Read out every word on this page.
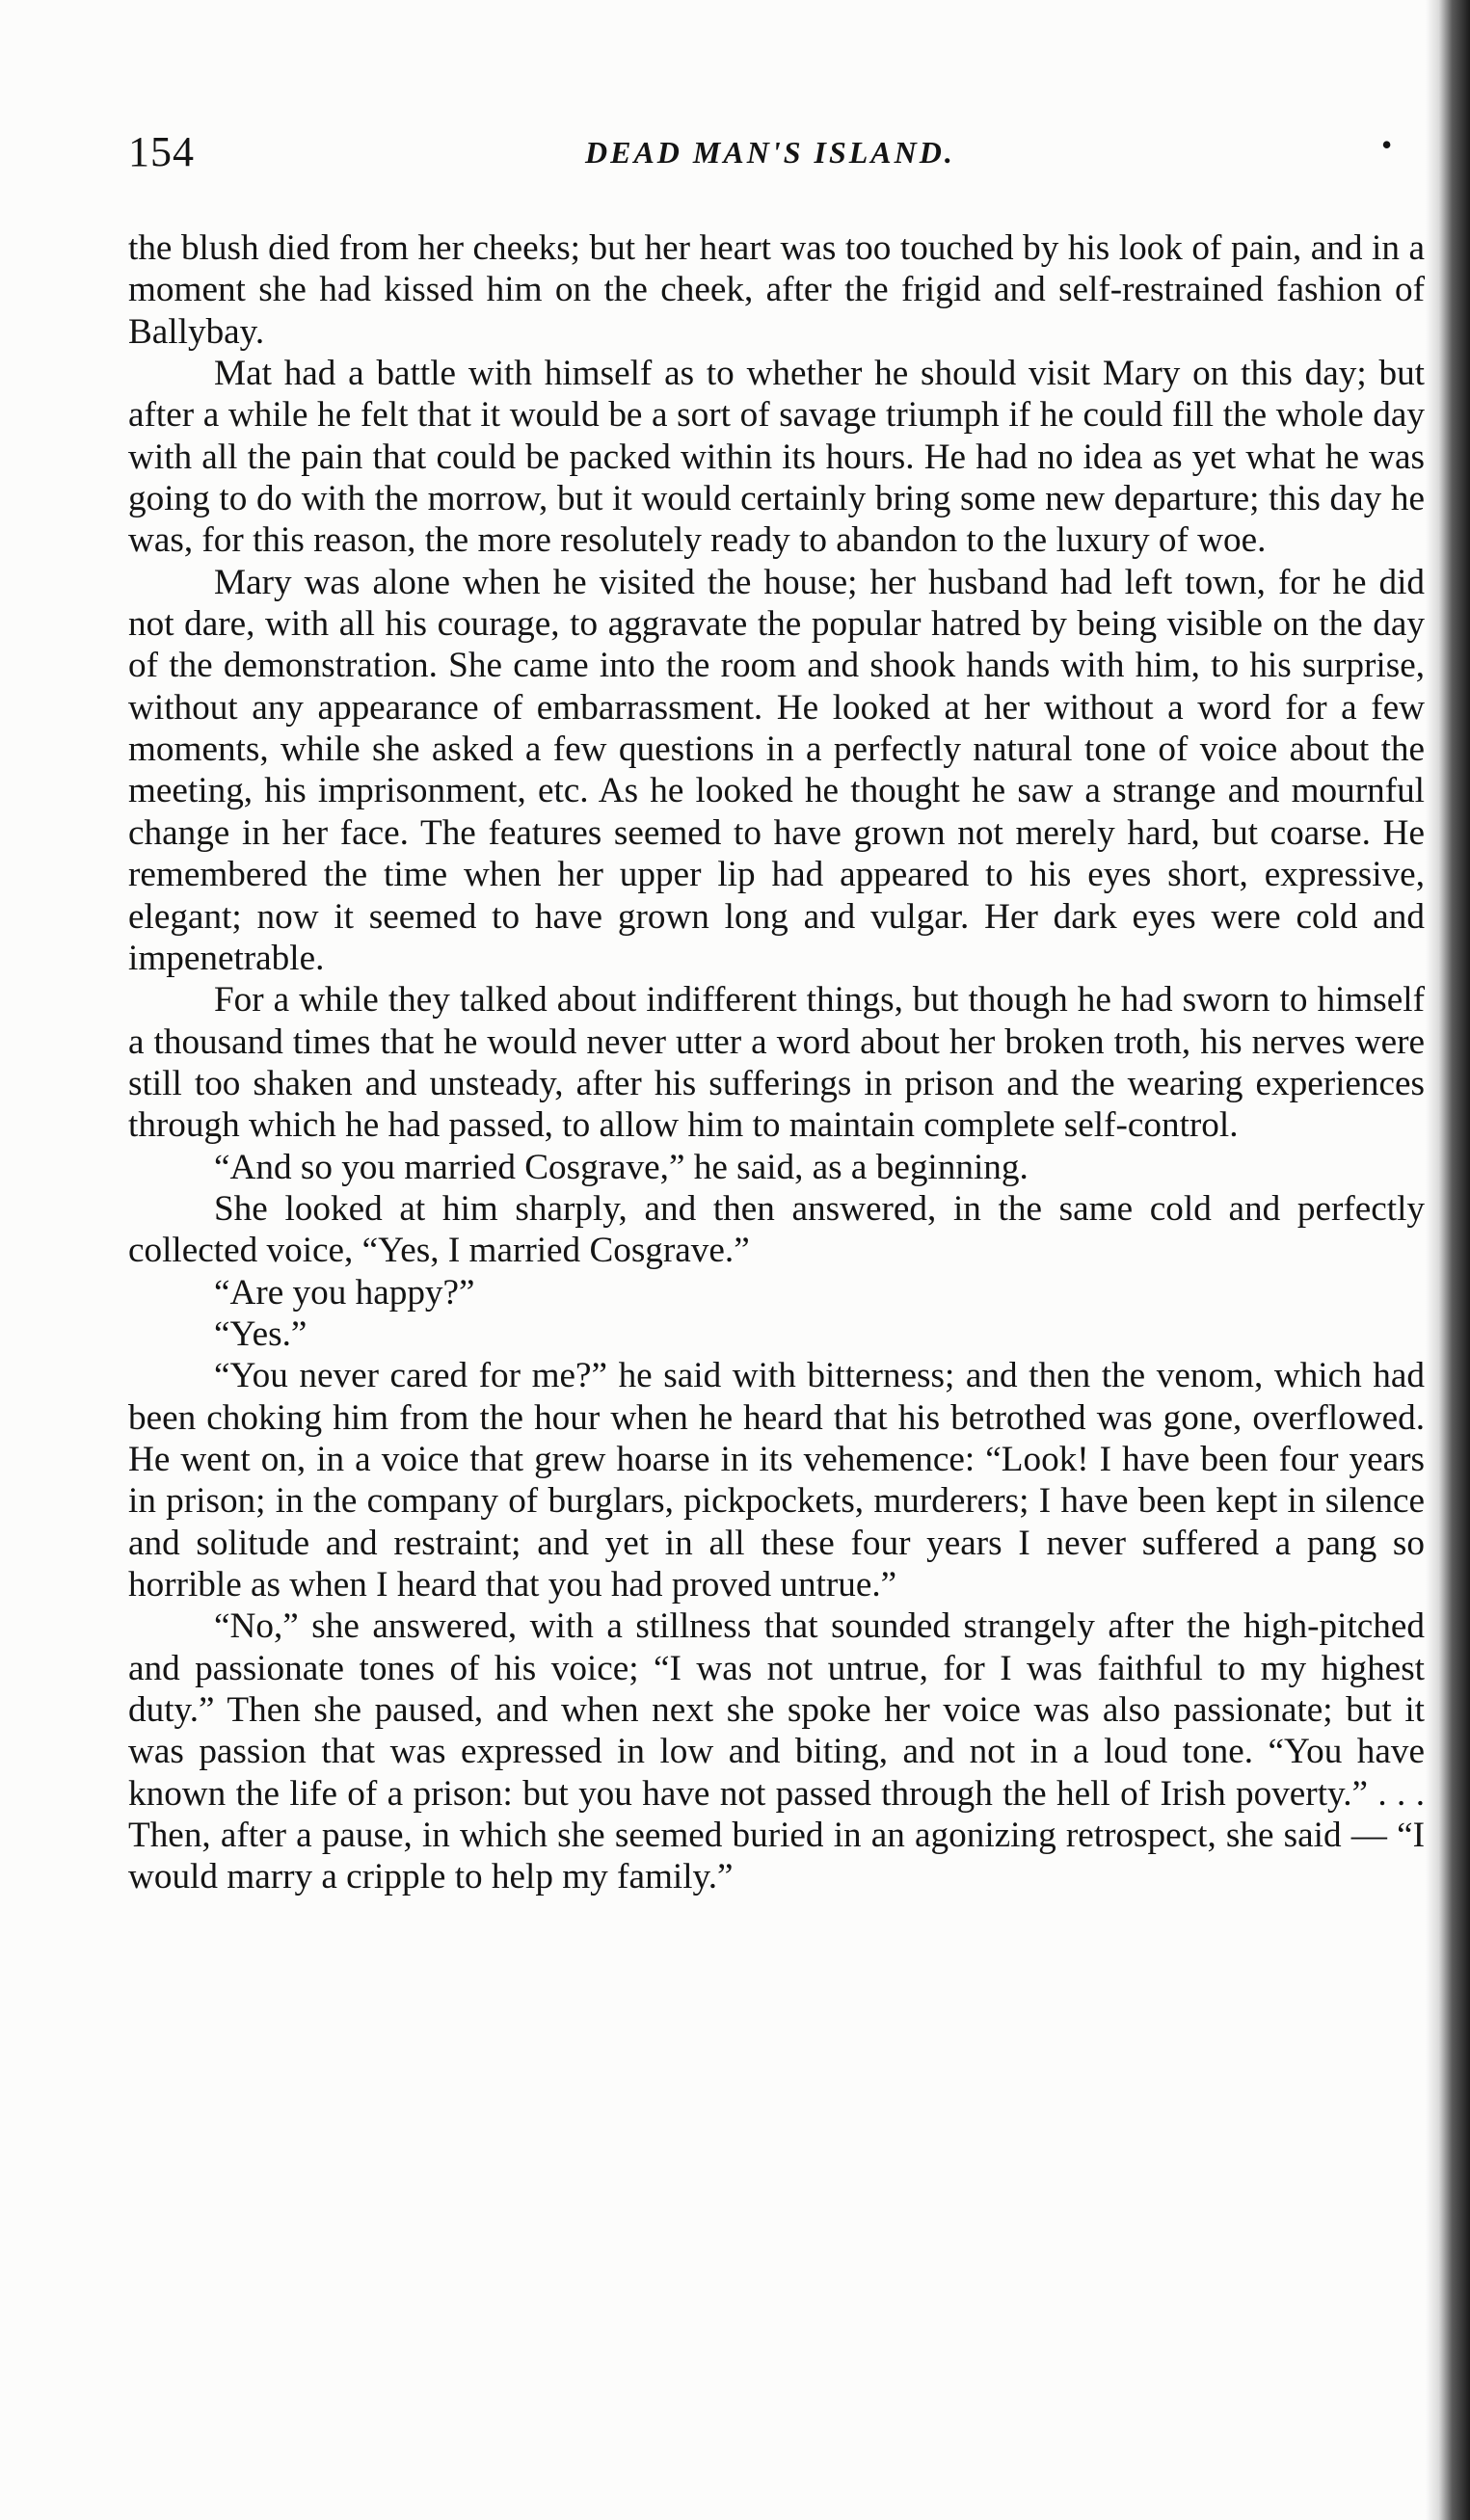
154	DEAD MAN'S ISLAND.	•

the blush died from her cheeks; but her heart was too touched by his look of pain, and in a moment she had kissed him on the cheek, after the frigid and self-restrained fashion of Ballybay.

Mat had a battle with himself as to whether he should visit Mary on this day; but after a while he felt that it would be a sort of savage triumph if he could fill the whole day with all the pain that could be packed within its hours. He had no idea as yet what he was going to do with the morrow, but it would certainly bring some new departure; this day he was, for this reason, the more resolutely ready to abandon to the luxury of woe.

Mary was alone when he visited the house; her husband had left town, for he did not dare, with all his courage, to aggravate the popular hatred by being visible on the day of the demonstration. She came into the room and shook hands with him, to his surprise, without any appearance of embarrassment. He looked at her without a word for a few moments, while she asked a few questions in a perfectly natural tone of voice about the meeting, his imprisonment, etc. As he looked he thought he saw a strange and mournful change in her face. The features seemed to have grown not merely hard, but coarse. He remembered the time when her upper lip had appeared to his eyes short, expressive, elegant; now it seemed to have grown long and vulgar. Her dark eyes were cold and impenetrable.

For a while they talked about indifferent things, but though he had sworn to himself a thousand times that he would never utter a word about her broken troth, his nerves were still too shaken and unsteady, after his sufferings in prison and the wearing experiences through which he had passed, to allow him to maintain complete self-control.

“And so you married Cosgrave,” he said, as a beginning.

She looked at him sharply, and then answered, in the same cold and perfectly collected voice, “Yes, I married Cosgrave.”

“Are you happy?”

“Yes.”

“You never cared for me?” he said with bitterness; and then the venom, which had been choking him from the hour when he heard that his betrothed was gone, overflowed. He went on, in a voice that grew hoarse in its vehemence: “Look! I have been four years in prison; in the company of burglars, pickpockets, murderers; I have been kept in silence and solitude and restraint; and yet in all these four years I never suffered a pang so horrible as when I heard that you had proved untrue.”

“No,” she answered, with a stillness that sounded strangely after the high-pitched and passionate tones of his voice; “I was not untrue, for I was faithful to my highest duty.” Then she paused, and when next she spoke her voice was also passionate; but it was passion that was expressed in low and biting, and not in a loud tone. “You have known the life of a prison: but you have not passed through the hell of Irish poverty.” . . . Then, after a pause, in which she seemed buried in an agonizing retrospect, she said — “I would marry a cripple to help my family.”
